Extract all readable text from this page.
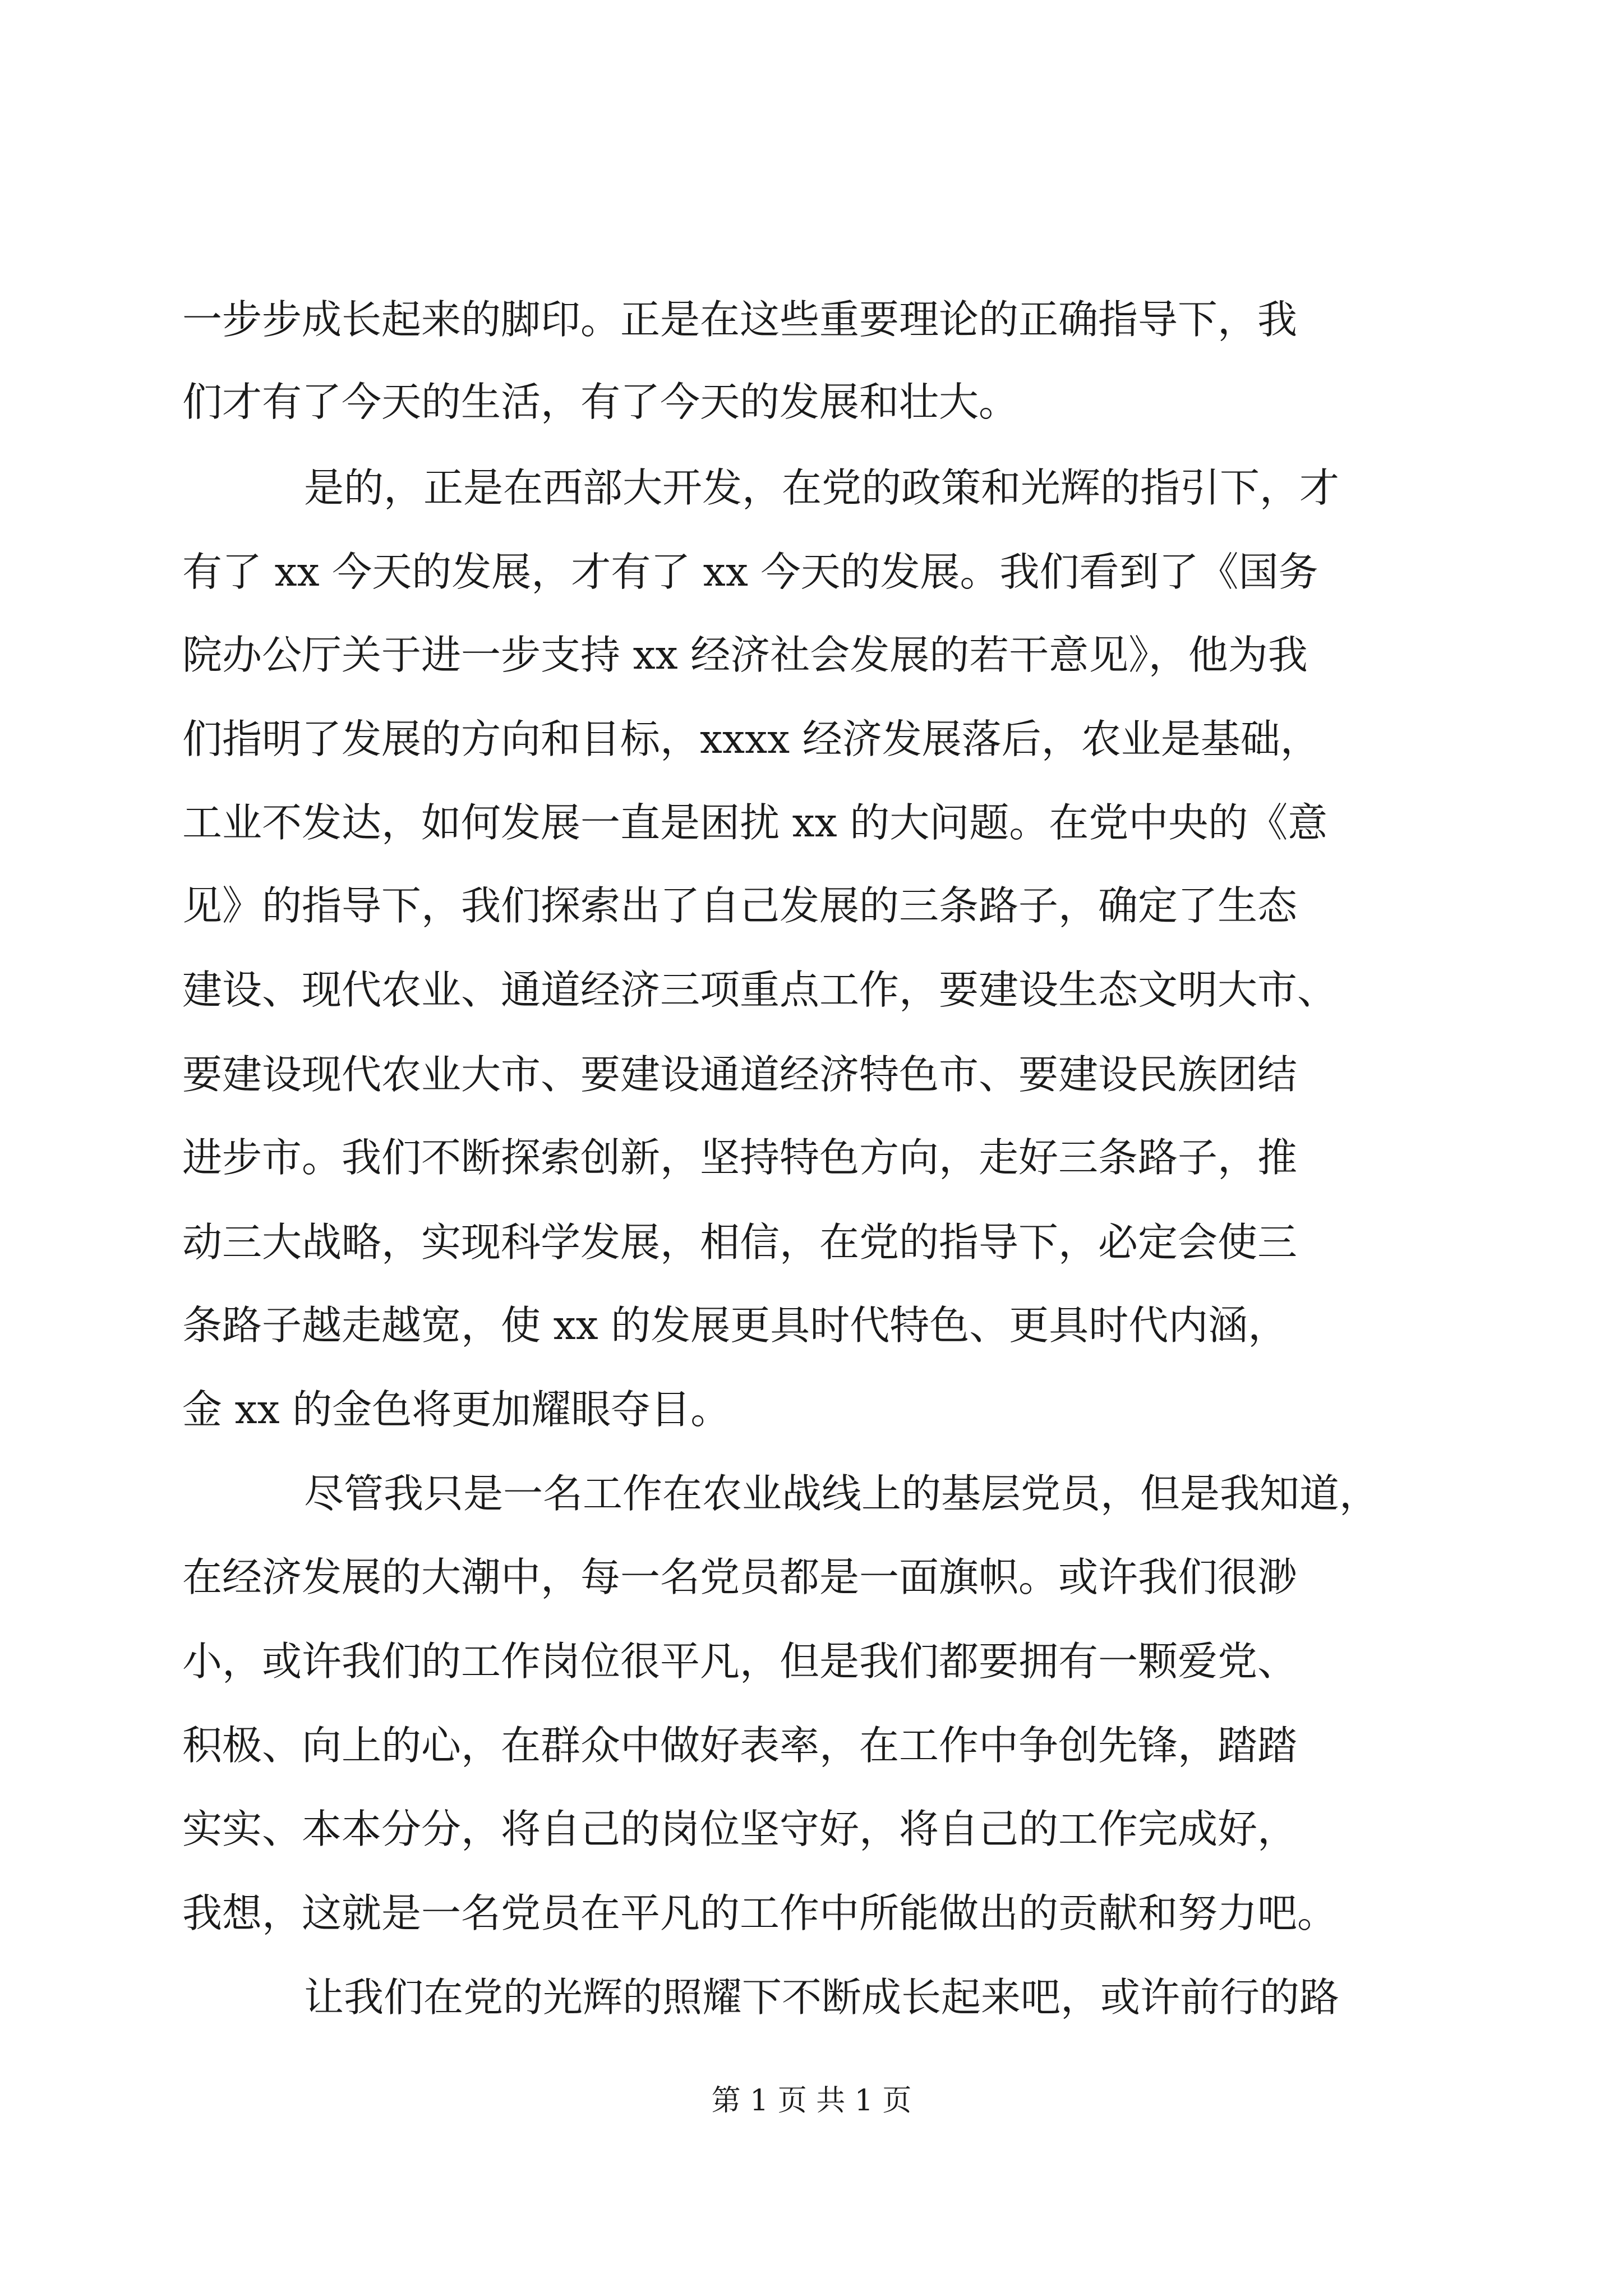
一步步成长起来的脚印。正是在这些重要理论的正确指导下，我
们才有了今天的生活，有了今天的发展和壮大。
是的，正是在西部大开发，在党的政策和光辉的指引下，才
有了 xx 今天的发展，才有了 xx 今天的发展。我们看到了《国务
院办公厅关于进一步支持 xx 经济社会发展的若干意见》，他为我
们指明了发展的方向和目标，xxxx 经济发展落后，农业是基础，
工业不发达，如何发展一直是困扰 xx 的大问题。在党中央的《意
见》的指导下，我们探索出了自己发展的三条路子，确定了生态
建设、现代农业、通道经济三项重点工作，要建设生态文明大市、
要建设现代农业大市、要建设通道经济特色市、要建设民族团结
进步市。我们不断探索创新，坚持特色方向，走好三条路子，推
动三大战略，实现科学发展，相信，在党的指导下，必定会使三
条路子越走越宽，使 xx 的发展更具时代特色、更具时代内涵，
金 xx 的金色将更加耀眼夺目。
尽管我只是一名工作在农业战线上的基层党员，但是我知道，
在经济发展的大潮中，每一名党员都是一面旗帜。或许我们很渺
小，或许我们的工作岗位很平凡，但是我们都要拥有一颗爱党、
积极、向上的心，在群众中做好表率，在工作中争创先锋，踏踏
实实、本本分分，将自己的岗位坚守好，将自己的工作完成好，
我想，这就是一名党员在平凡的工作中所能做出的贡献和努力吧。
让我们在党的光辉的照耀下不断成长起来吧，或许前行的路
第 1 页 共 1 页
